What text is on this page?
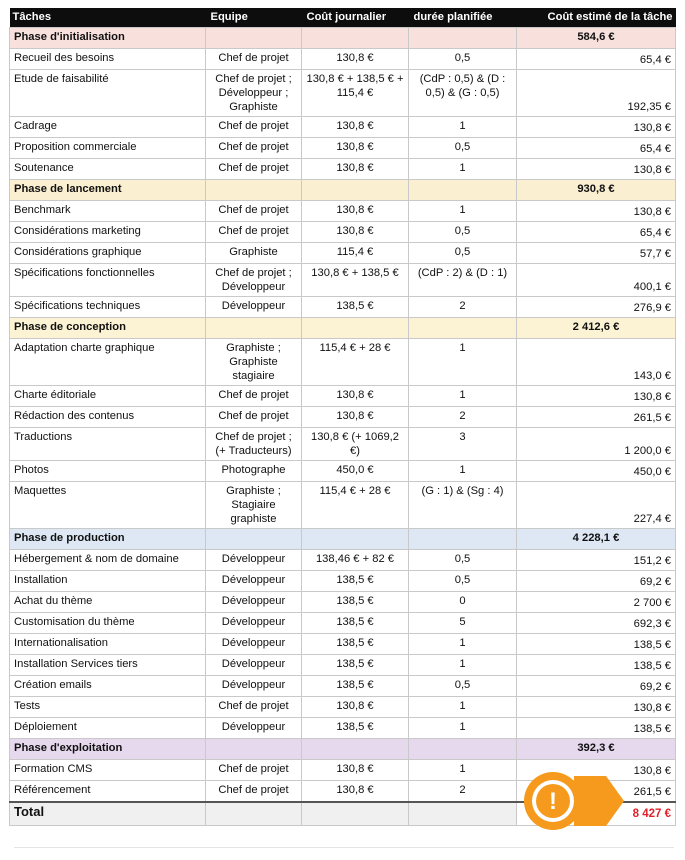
Tâches	Equipe	Coût journalier	durée planifiée	Coût estimé de la tâche
Phase d'initialisation				584,6 €
Recueil des besoins	Chef de projet	130,8 €	0,5	65,4 €
Etude de faisabilité	Chef de projet ; Développeur ; Graphiste	130,8 € + 138,5 € + 115,4 €	(CdP : 0,5) & (D : 0,5) & (G : 0,5)	192,35 €
Cadrage	Chef de projet	130,8 €	1	130,8 €
Proposition commerciale	Chef de projet	130,8 €	0,5	65,4 €
Soutenance	Chef de projet	130,8 €	1	130,8 €
Phase de lancement				930,8 €
Benchmark	Chef de projet	130,8 €	1	130,8 €
Considérations marketing	Chef de projet	130,8 €	0,5	65,4 €
Considérations graphique	Graphiste	115,4 €	0,5	57,7 €
Spécifications fonctionnelles	Chef de projet ; Développeur	130,8 € + 138,5 €	(CdP : 2) & (D : 1)	400,1 €
Spécifications techniques	Développeur	138,5 €	2	276,9 €
Phase de conception				2 412,6 €
Adaptation charte graphique	Graphiste ; Graphiste stagiaire	115,4 € + 28 €	1	143,0 €
Charte éditoriale	Chef de projet	130,8 €	1	130,8 €
Rédaction des contenus	Chef de projet	130,8 €	2	261,5 €
Traductions	Chef de projet ; (+ Traducteurs)	130,8 € (+ 1069,2 €)	3	1 200,0 €
Photos	Photographe	450,0 €	1	450,0 €
Maquettes	Graphiste ; Stagiaire graphiste	115,4 € + 28 €	(G : 1) & (Sg : 4)	227,4 €
Phase de production				4 228,1 €
Hébergement & nom de domaine	Développeur	138,46 € + 82 €	0,5	151,2 €
Installation	Développeur	138,5 €	0,5	69,2 €
Achat du thème	Développeur	138,5 €	0	2 700 €
Customisation du thème	Développeur	138,5 €	5	692,3 €
Internationalisation	Développeur	138,5 €	1	138,5 €
Installation Services tiers	Développeur	138,5 €	1	138,5 €
Création emails	Développeur	138,5 €	0,5	69,2 €
Tests	Chef de projet	130,8 €	1	130,8 €
Déploiement	Développeur	138,5 €	1	138,5 €
Phase d'exploitation				392,3 €
Formation CMS	Chef de projet	130,8 €	1	130,8 €
Référencement	Chef de projet	130,8 €	2	261,5 €
Total				8 427 €
!
